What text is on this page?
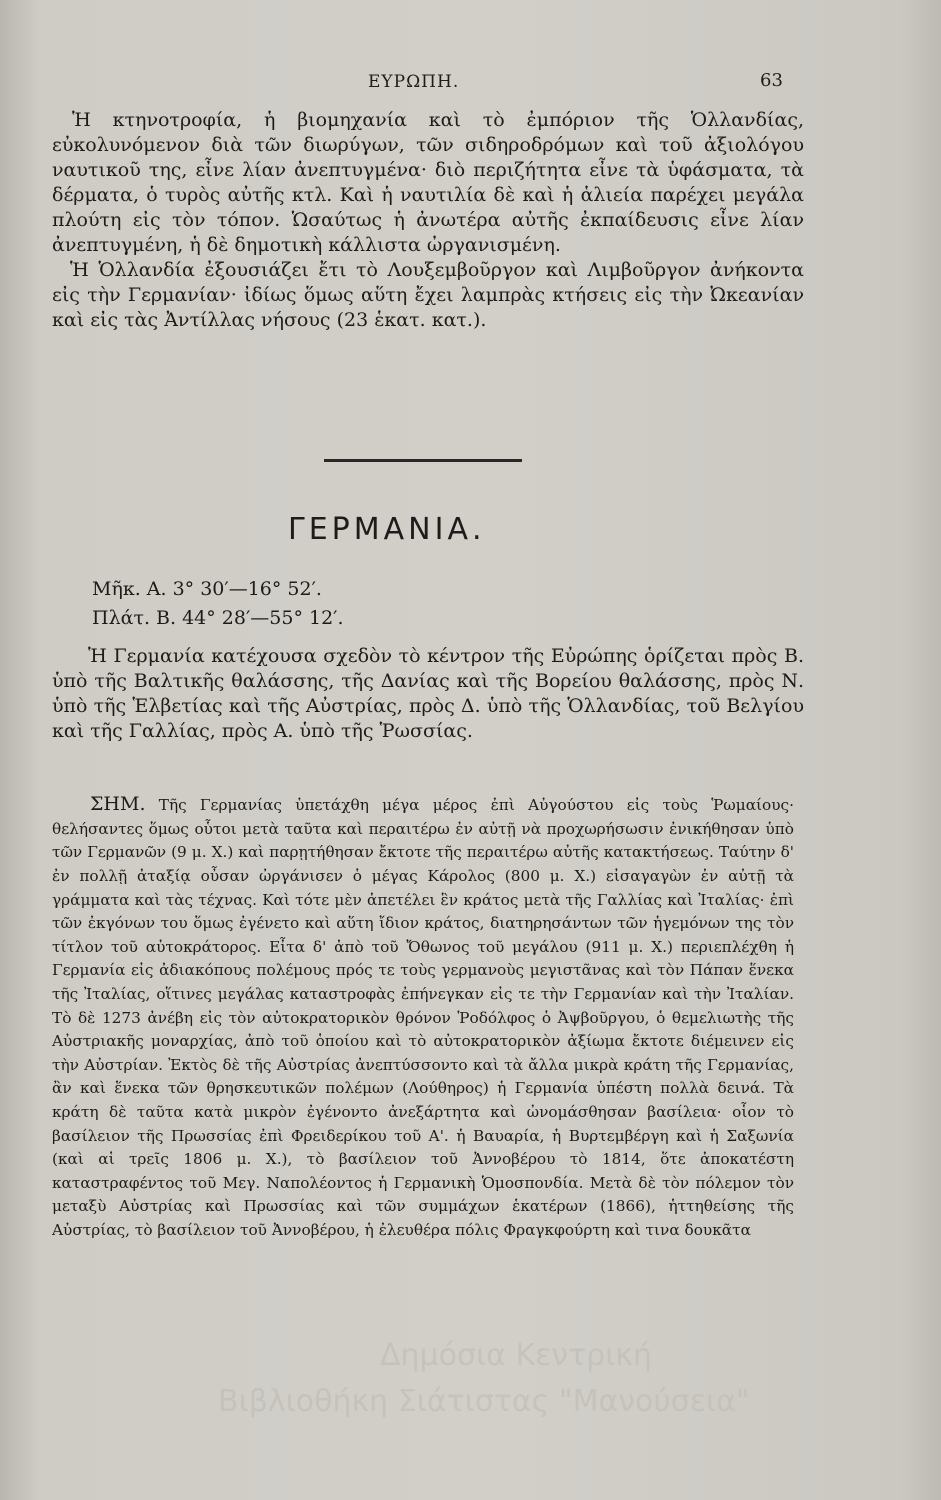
ΕΥΡΩΠΗ.	63

Ἡ κτηνοτροφία, ἡ βιομηχανία καὶ τὸ ἐμπόριον τῆς Ὁλλανδίας, εὐκολυνόμενον διὰ τῶν διωρύγων, τῶν σιδηροδρόμων καὶ τοῦ ἀξιολόγου ναυτικοῦ της, εἶνε λίαν ἀνεπτυγμένα· διὸ περιζήτητα εἶνε τὰ ὑφάσματα, τὰ δέρματα, ὁ τυρὸς αὐτῆς κτλ. Καὶ ἡ ναυτιλία δὲ καὶ ἡ ἁλιεία παρέχει μεγάλα πλούτη εἰς τὸν τόπον. Ὡσαύτως ἡ ἀνωτέρα αὐτῆς ἐκπαίδευσις εἶνε λίαν ἀνεπτυγμένη, ἡ δὲ δημοτικὴ κάλλιστα ὠργανισμένη.

Ἡ Ὁλλανδία ἐξουσιάζει ἔτι τὸ Λουξεμβοῦργον καὶ Λιμβοῦργον ἀνήκοντα εἰς τὴν Γερμανίαν· ἰδίως ὅμως αὕτη ἔχει λαμπρὰς κτήσεις εἰς τὴν Ὠκεανίαν καὶ εἰς τὰς Ἀντίλλας νήσους (23 ἑκατ. κατ.).

ΓΕΡΜΑΝΙΑ.
Μῆκ. Α. 3° 30′—16° 52′.
Πλάτ. Β. 44° 28′—55° 12′.

Ἡ Γερμανία κατέχουσα σχεδὸν τὸ κέντρον τῆς Εὐρώπης ὁρίζεται πρὸς Β. ὑπὸ τῆς Βαλτικῆς θαλάσσης, τῆς Δανίας καὶ τῆς Βορείου θαλάσσης, πρὸς Ν. ὑπὸ τῆς Ἑλβετίας καὶ τῆς Αὐστρίας, πρὸς Δ. ὑπὸ τῆς Ὁλλανδίας, τοῦ Βελγίου καὶ τῆς Γαλλίας, πρὸς Α. ὑπὸ τῆς Ῥωσσίας.

ΣΗΜ. Τῆς Γερμανίας ὑπετάχθη μέγα μέρος ἐπὶ Αὐγούστου εἰς τοὺς Ῥωμαίους· θελήσαντες ὅμως οὗτοι μετὰ ταῦτα καὶ περαιτέρω ἐν αὐτῇ νὰ προχωρήσωσιν ἐνικήθησαν ὑπὸ τῶν Γερμανῶν (9 μ. Χ.) καὶ παρῃτήθησαν ἔκτοτε τῆς περαιτέρω αὐτῆς κατακτήσεως. Ταύτην δ' ἐν πολλῇ ἀταξίᾳ οὖσαν ὠργάνισεν ὁ μέγας Κάρολος (800 μ. Χ.) εἰσαγαγὼν ἐν αὐτῇ τὰ γράμματα καὶ τὰς τέχνας. Καὶ τότε μὲν ἀπετέλει ἓν κράτος μετὰ τῆς Γαλλίας καὶ Ἰταλίας· ἐπὶ τῶν ἐκγόνων του ὅμως ἐγένετο καὶ αὕτη ἴδιον κράτος, διατηρησάντων τῶν ἡγεμόνων της τὸν τίτλον τοῦ αὐτοκράτορος. Εἶτα δ' ἀπὸ τοῦ Ὄθωνος τοῦ μεγάλου (911 μ. Χ.) περιεπλέχθη ἡ Γερμανία εἰς ἀδιακόπους πολέμους πρός τε τοὺς γερμανοὺς μεγιστᾶνας καὶ τὸν Πάπαν ἕνεκα τῆς Ἰταλίας, οἵτινες μεγάλας καταστροφὰς ἐπήνεγκαν εἰς τε τὴν Γερμανίαν καὶ τὴν Ἰταλίαν. Τὸ δὲ 1273 ἀνέβη εἰς τὸν αὐτοκρατορικὸν θρόνον Ῥοδόλφος ὁ Ἀψβοῦργου, ὁ θεμελιωτὴς τῆς Αὐστριακῆς μοναρχίας, ἀπὸ τοῦ ὁποίου καὶ τὸ αὐτοκρατορικὸν ἀξίωμα ἔκτοτε διέμεινεν εἰς τὴν Αὐστρίαν. Ἐκτὸς δὲ τῆς Αὐστρίας ἀνεπτύσσοντο καὶ τὰ ἄλλα μικρὰ κράτη τῆς Γερμανίας, ἂν καὶ ἕνεκα τῶν θρησκευτικῶν πολέμων (Λούθηρος) ἡ Γερμανία ὑπέστη πολλὰ δεινά. Τὰ κράτη δὲ ταῦτα κατὰ μικρὸν ἐγένοντο ἀνεξάρτητα καὶ ὠνομάσθησαν βασίλεια· οἷον τὸ βασίλειον τῆς Πρωσσίας ἐπὶ Φρειδερίκου τοῦ Α'. ἡ Βαυαρία, ἡ Βυρτεμβέργη καὶ ἡ Σαξωνία (καὶ αἱ τρεῖς 1806 μ. Χ.), τὸ βασίλειον τοῦ Ἀννοβέρου τὸ 1814, ὅτε ἀποκατέστη καταστραφέντος τοῦ Μεγ. Ναπολέοντος ἡ Γερμανικὴ Ὁμοσπονδία. Μετὰ δὲ τὸν πόλεμον τὸν μεταξὺ Αὐστρίας καὶ Πρωσσίας καὶ τῶν συμμάχων ἑκατέρων (1866), ἡττηθείσης τῆς Αὐστρίας, τὸ βασίλειον τοῦ Ἀννοβέρου, ἡ ἐλευθέρα πόλις Φραγκφούρτη καὶ τινα δουκᾶτα

Δημόσια Κεντρική
Βιβλιοθήκη Σιάτιστας "Μανούσεια"
